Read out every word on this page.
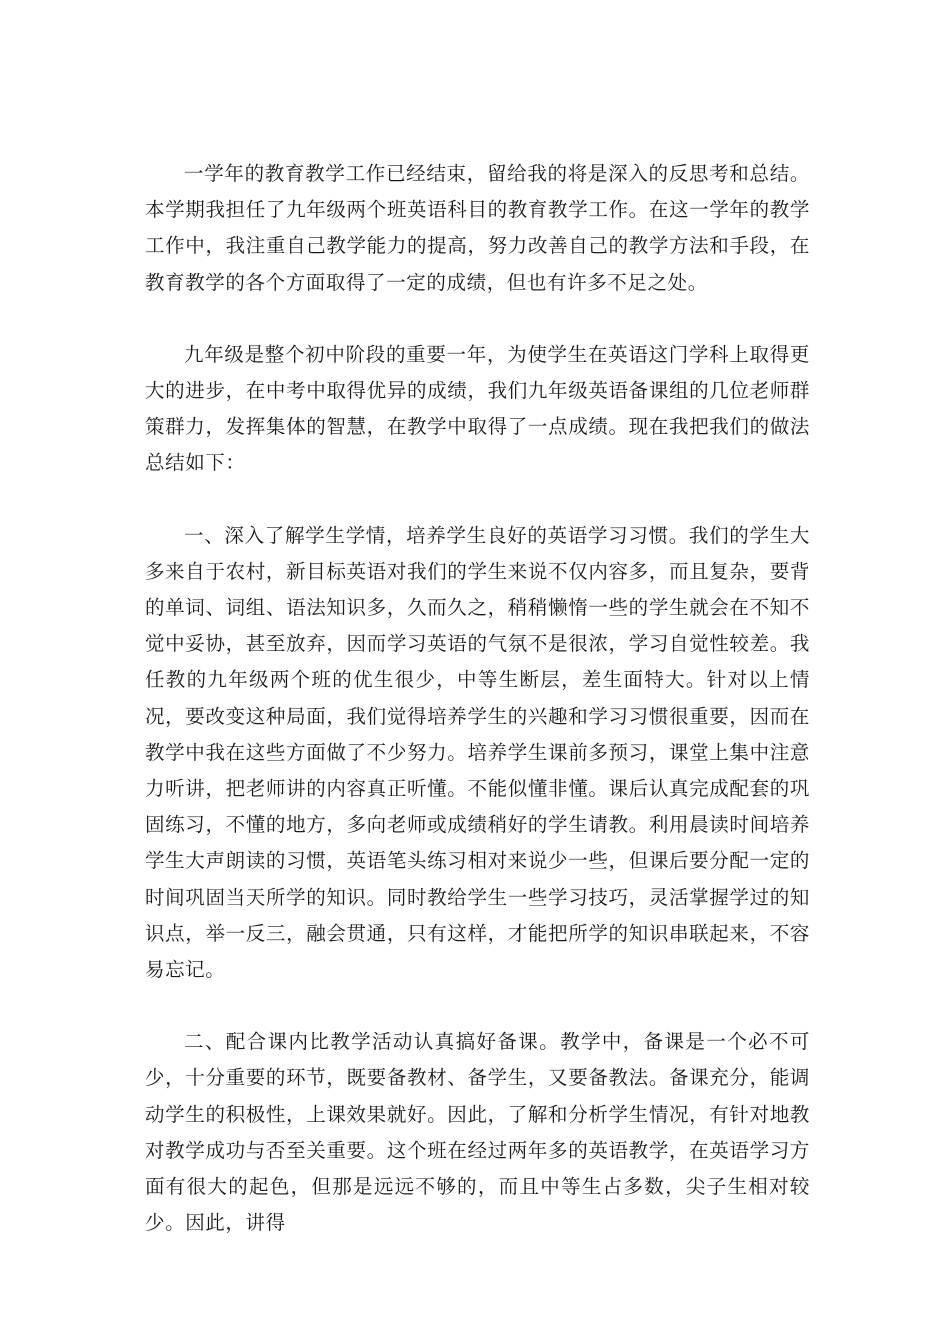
一学年的教育教学工作已经结束，留给我的将是深入的反思考和总结。本学期我担任了九年级两个班英语科目的教育教学工作。在这一学年的教学工作中，我注重自己教学能力的提高，努力改善自己的教学方法和手段，在教育教学的各个方面取得了一定的成绩，但也有许多不足之处。

九年级是整个初中阶段的重要一年，为使学生在英语这门学科上取得更大的进步，在中考中取得优异的成绩，我们九年级英语备课组的几位老师群策群力，发挥集体的智慧，在教学中取得了一点成绩。现在我把我们的做法总结如下：

一、深入了解学生学情，培养学生良好的英语学习习惯。我们的学生大多来自于农村，新目标英语对我们的学生来说不仅内容多，而且复杂，要背的单词、词组、语法知识多，久而久之，稍稍懒惰一些的学生就会在不知不觉中妥协，甚至放弃，因而学习英语的气氛不是很浓，学习自觉性较差。我任教的九年级两个班的优生很少，中等生断层，差生面特大。针对以上情况，要改变这种局面，我们觉得培养学生的兴趣和学习习惯很重要，因而在教学中我在这些方面做了不少努力。培养学生课前多预习，课堂上集中注意力听讲，把老师讲的内容真正听懂。不能似懂非懂。课后认真完成配套的巩固练习，不懂的地方，多向老师或成绩稍好的学生请教。利用晨读时间培养学生大声朗读的习惯，英语笔头练习相对来说少一些，但课后要分配一定的时间巩固当天所学的知识。同时教给学生一些学习技巧，灵活掌握学过的知识点，举一反三，融会贯通，只有这样，才能把所学的知识串联起来，不容易忘记。

二、配合课内比教学活动认真搞好备课。教学中，备课是一个必不可少，十分重要的环节，既要备教材、备学生，又要备教法。备课充分，能调动学生的积极性，上课效果就好。因此，了解和分析学生情况，有针对地教对教学成功与否至关重要。这个班在经过两年多的英语教学，在英语学习方面有很大的起色，但那是远远不够的，而且中等生占多数，尖子生相对较少。因此，讲得
